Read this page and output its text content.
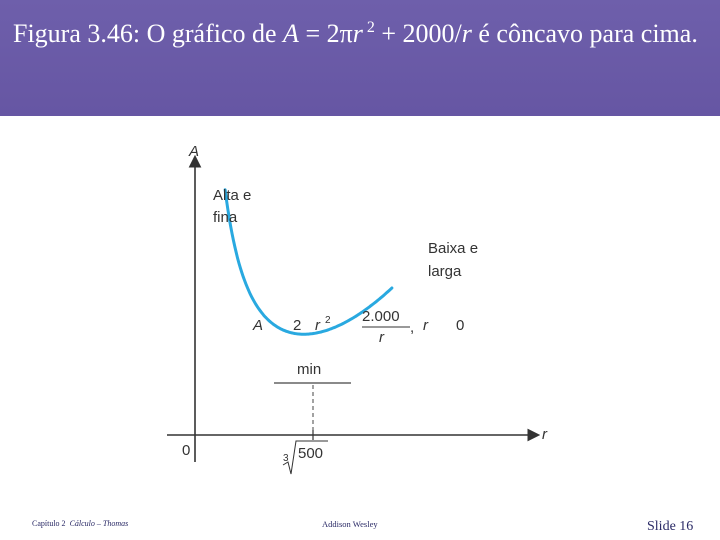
Figura 3.46: O gráfico de A = 2πr $^2$ + 2000/r é côncavo para cima.
A
r
0
Alta e
fina
Baixa e
larga
min
A 2 r 2 2.000
r
, r 0
3 500
Capítulo 2 Cálculo – Thomas	Addison Wesley	Slide 16
